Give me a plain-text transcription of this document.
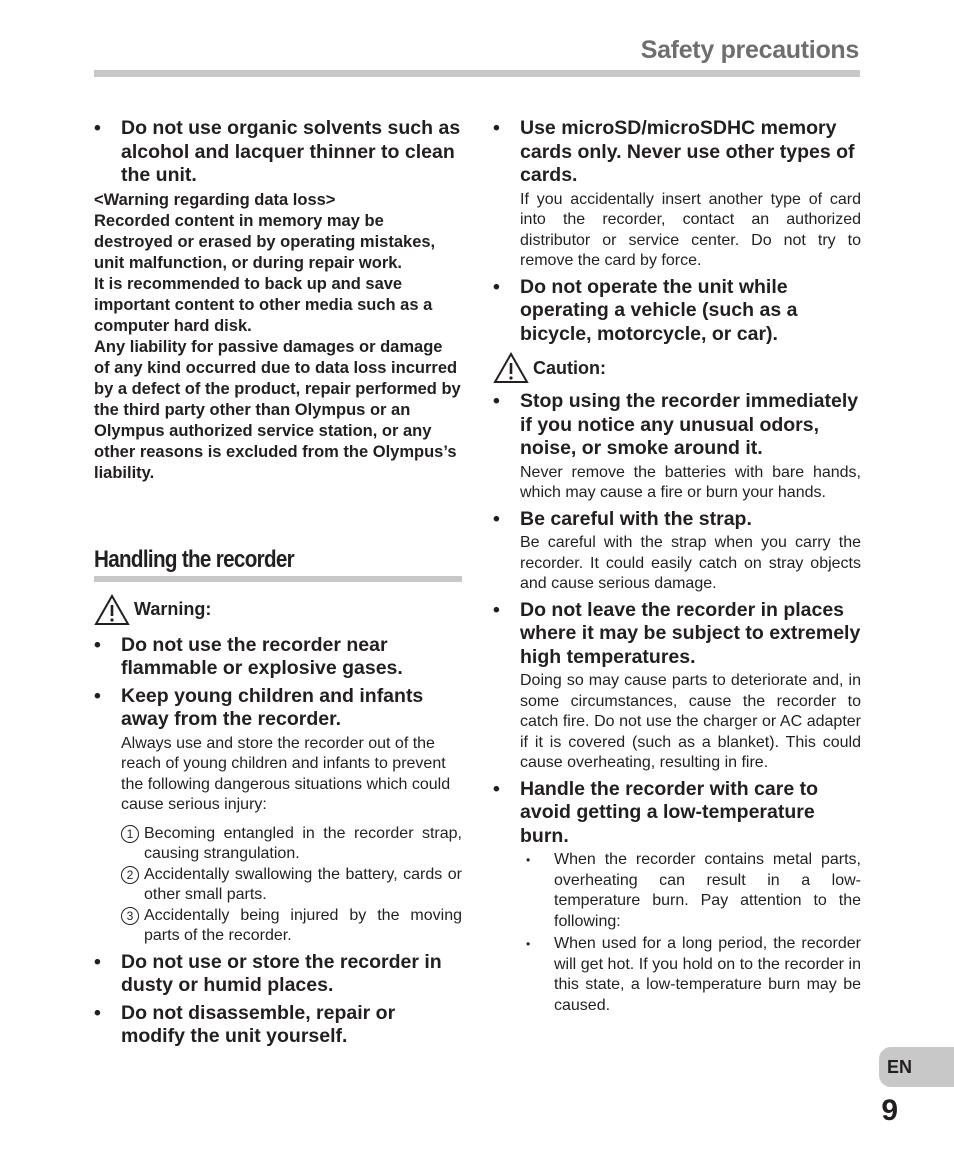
Safety precautions
• Do not use organic solvents such as alcohol and lacquer thinner to clean the unit.
<Warning regarding data loss>
Recorded content in memory may be destroyed or erased by operating mistakes, unit malfunction, or during repair work.
It is recommended to back up and save important content to other media such as a computer hard disk.
Any liability for passive damages or damage of any kind occurred due to data loss incurred by a defect of the product, repair performed by the third party other than Olympus or an Olympus authorized service station, or any other reasons is excluded from the Olympus’s liability.
Handling the recorder
Warning:
• Do not use the recorder near flammable or explosive gases.
• Keep young children and infants away from the recorder.
Always use and store the recorder out of the reach of young children and infants to prevent the following dangerous situations which could cause serious injury:
1 Becoming entangled in the recorder strap, causing strangulation.
2 Accidentally swallowing the battery, cards or other small parts.
3 Accidentally being injured by the moving parts of the recorder.
• Do not use or store the recorder in dusty or humid places.
• Do not disassemble, repair or modify the unit yourself.
• Use microSD/microSDHC memory cards only. Never use other types of cards.
If you accidentally insert another type of card into the recorder, contact an authorized distributor or service center. Do not try to remove the card by force.
• Do not operate the unit while operating a vehicle (such as a bicycle, motorcycle, or car).
Caution:
• Stop using the recorder immediately if you notice any unusual odors, noise, or smoke around it.
Never remove the batteries with bare hands, which may cause a fire or burn your hands.
• Be careful with the strap.
Be careful with the strap when you carry the recorder. It could easily catch on stray objects and cause serious damage.
• Do not leave the recorder in places where it may be subject to extremely high temperatures.
Doing so may cause parts to deteriorate and, in some circumstances, cause the recorder to catch fire. Do not use the charger or AC adapter if it is covered (such as a blanket). This could cause overheating, resulting in fire.
• Handle the recorder with care to avoid getting a low-temperature burn.
•	When the recorder contains metal parts, overheating can result in a low-temperature burn. Pay attention to the following:
•	When used for a long period, the recorder will get hot. If you hold on to the recorder in this state, a low-temperature burn may be caused.
EN
9
